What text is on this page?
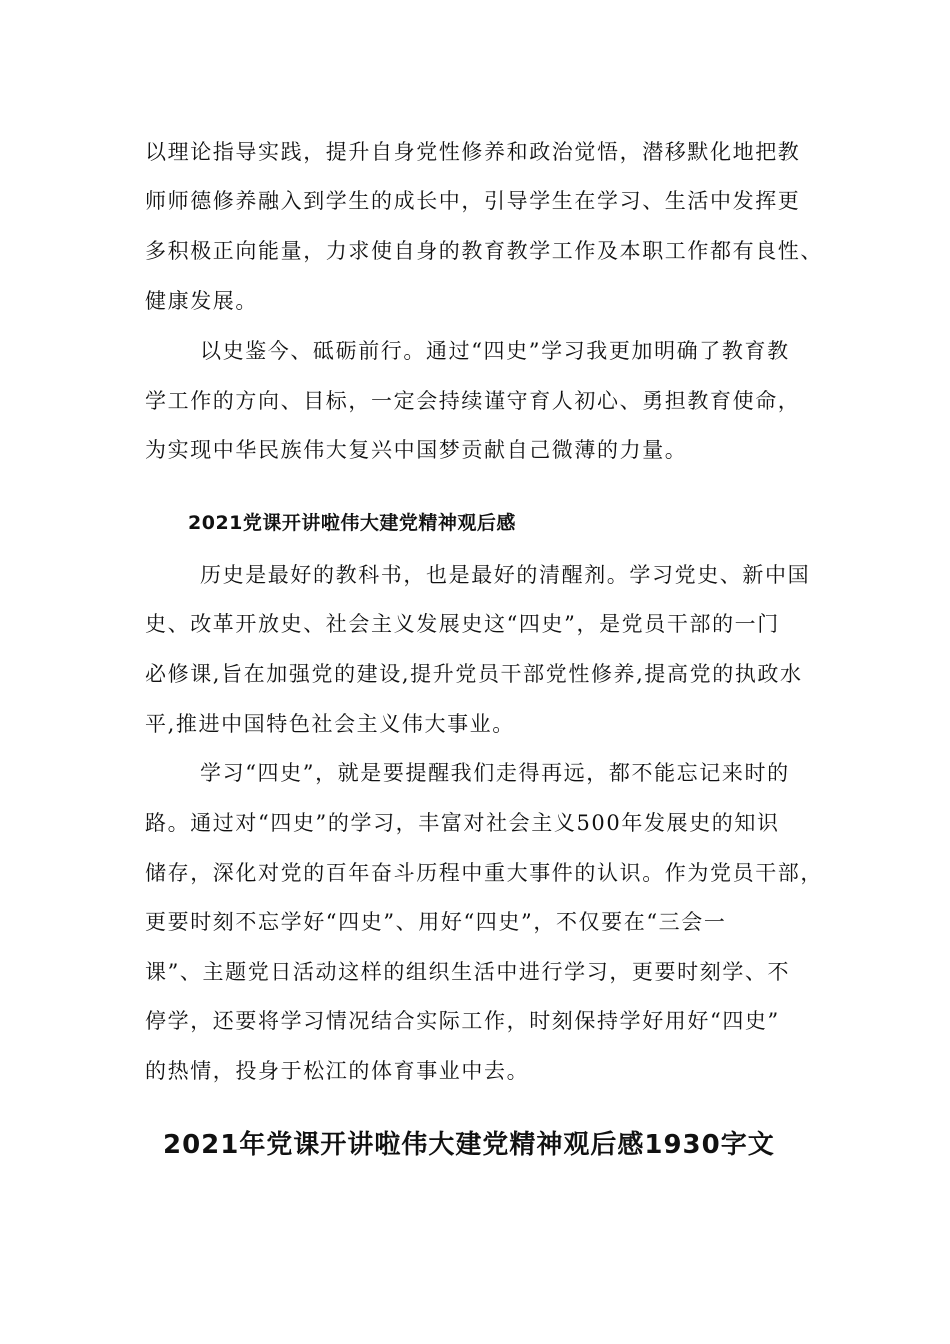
以理论指导实践，提升自身党性修养和政治觉悟，潜移默化地把教
师师德修养融入到学生的成长中，引导学生在学习、生活中发挥更
多积极正向能量，力求使自身的教育教学工作及本职工作都有良性、
健康发展。
以史鉴今、砥砺前行。通过“四史”学习我更加明确了教育教
学工作的方向、目标，一定会持续谨守育人初心、勇担教育使命，
为实现中华民族伟大复兴中国梦贡献自己微薄的力量。
2021党课开讲啦伟大建党精神观后感
历史是最好的教科书，也是最好的清醒剂。学习党史、新中国
史、改革开放史、社会主义发展史这“四史”，是党员干部的一门
必修课,旨在加强党的建设,提升党员干部党性修养,提高党的执政水
平,推进中国特色社会主义伟大事业。
学习“四史”，就是要提醒我们走得再远，都不能忘记来时的
路。通过对“四史”的学习，丰富对社会主义500年发展史的知识
储存，深化对党的百年奋斗历程中重大事件的认识。作为党员干部，
更要时刻不忘学好“四史”、用好“四史”，不仅要在“三会一
课”、主题党日活动这样的组织生活中进行学习，更要时刻学、不
停学，还要将学习情况结合实际工作，时刻保持学好用好“四史”
的热情，投身于松江的体育事业中去。
2021年党课开讲啦伟大建党精神观后感1930字文
